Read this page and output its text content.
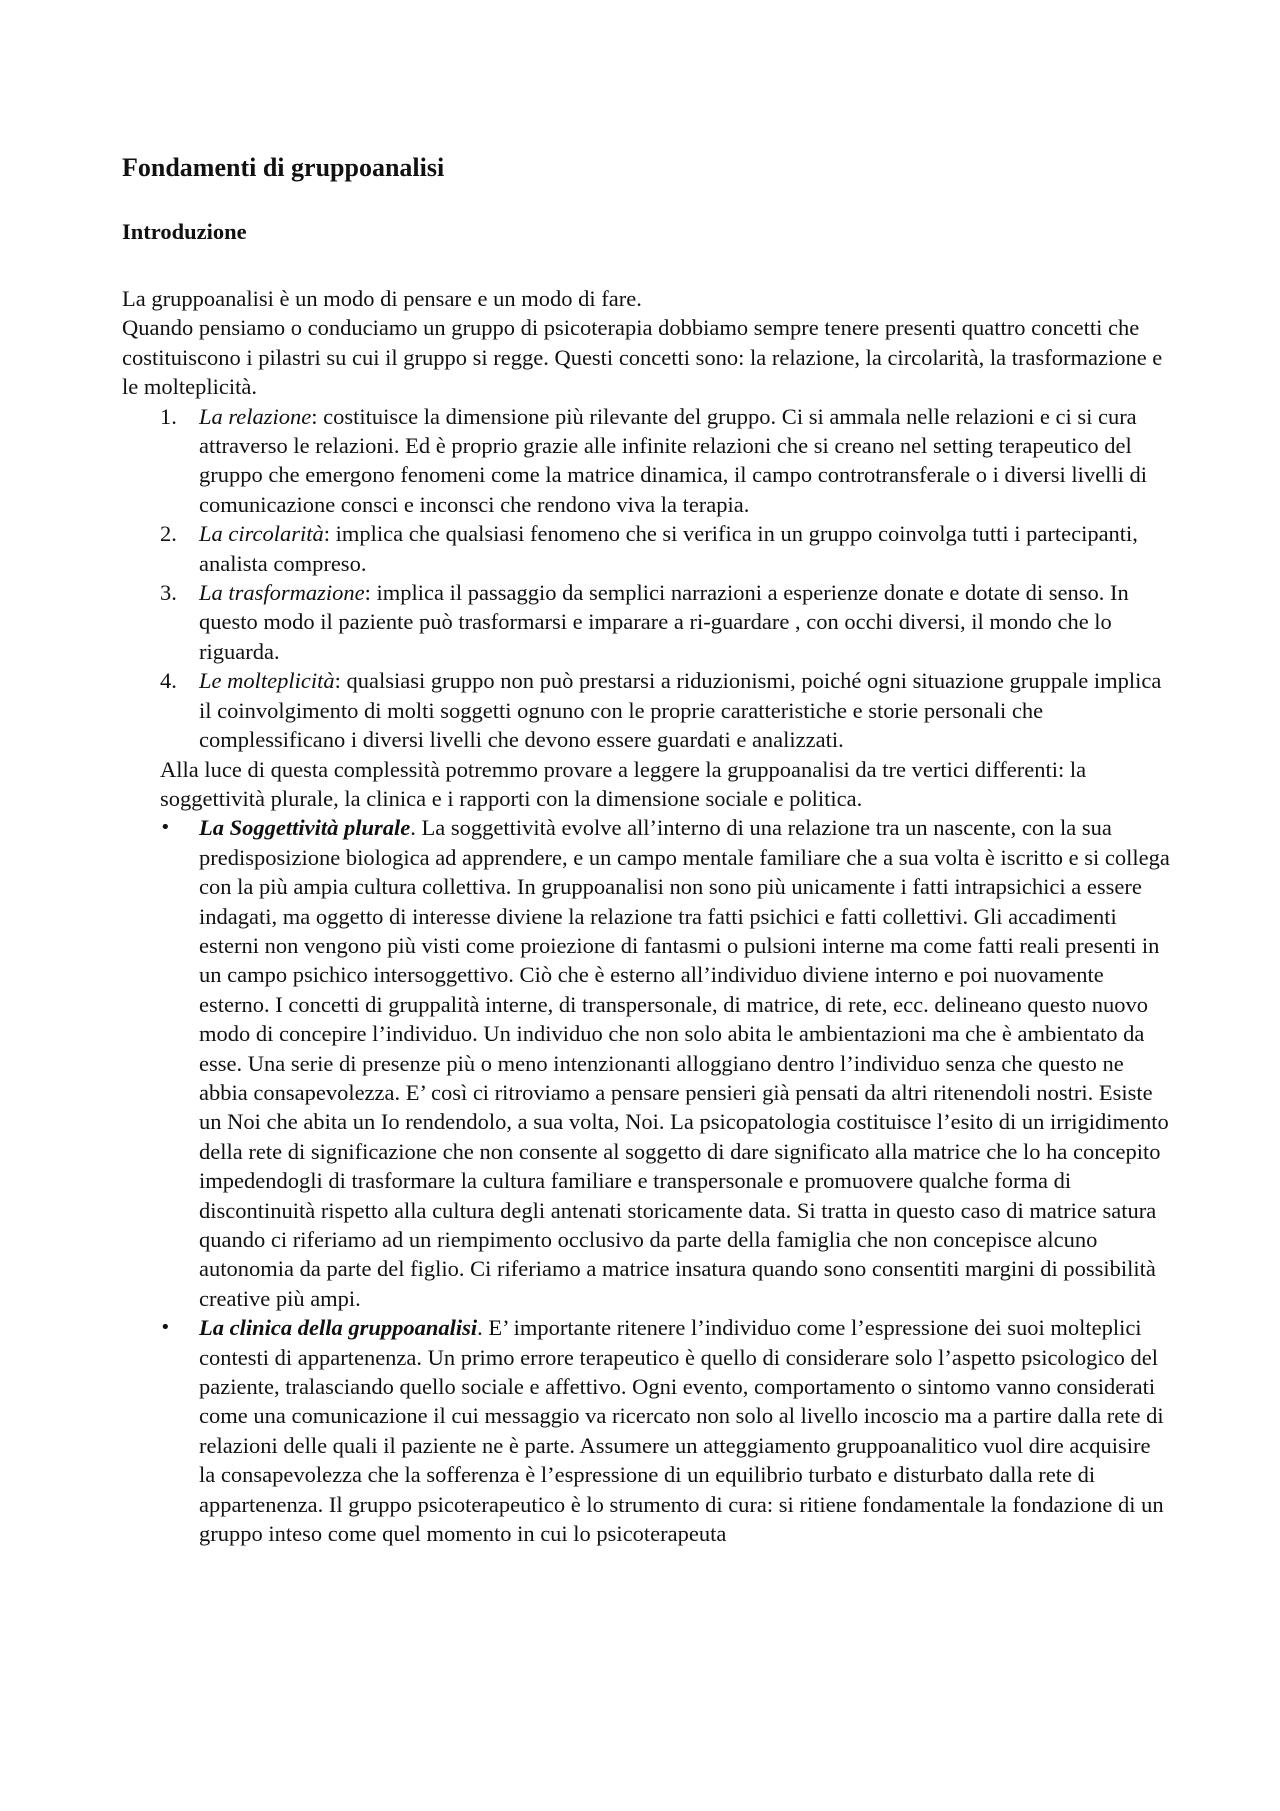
Fondamenti di gruppoanalisi
Introduzione

La gruppoanalisi è un modo di pensare e un modo di fare.

Quando pensiamo o conduciamo un gruppo di psicoterapia dobbiamo sempre tenere presenti quattro concetti che costituiscono i pilastri su cui il gruppo si regge. Questi concetti sono: la relazione, la circolarità, la trasformazione e le molteplicità.

1. La relazione: costituisce la dimensione più rilevante del gruppo. Ci si ammala nelle relazioni e ci si cura attraverso le relazioni. Ed è proprio grazie alle infinite relazioni che si creano nel setting terapeutico del gruppo che emergono fenomeni come la matrice dinamica, il campo controtransferale o i diversi livelli di comunicazione consci e inconsci che rendono viva la terapia.
2. La circolarità: implica che qualsiasi fenomeno che si verifica in un gruppo coinvolga tutti i partecipanti, analista compreso.
3. La trasformazione: implica il passaggio da semplici narrazioni a esperienze donate e dotate di senso. In questo modo il paziente può trasformarsi e imparare a ri-guardare , con occhi diversi, il mondo che lo riguarda.
4. Le molteplicità: qualsiasi gruppo non può prestarsi a riduzionismi, poiché ogni situazione gruppale implica il coinvolgimento di molti soggetti ognuno con le proprie caratteristiche e storie personali che complessificano i diversi livelli che devono essere guardati e analizzati.

Alla luce di questa complessità potremmo provare a leggere la gruppoanalisi da tre vertici differenti: la soggettività plurale, la clinica e i rapporti con la dimensione sociale e politica.

• La Soggettività plurale. La soggettività evolve all’interno di una relazione tra un nascente, con la sua predisposizione biologica ad apprendere, e un campo mentale familiare che a sua volta è iscritto e si collega con la più ampia cultura collettiva. In gruppoanalisi non sono più unicamente i fatti intrapsichici a essere indagati, ma oggetto di interesse diviene la relazione tra fatti psichici e fatti collettivi. Gli accadimenti esterni non vengono più visti come proiezione di fantasmi o pulsioni interne ma come fatti reali presenti in un campo psichico intersoggettivo. Ciò che è esterno all’individuo diviene interno e poi nuovamente esterno. I concetti di gruppalità interne, di transpersonale, di matrice, di rete, ecc. delineano questo nuovo modo di concepire l’individuo. Un individuo che non solo abita le ambientazioni ma che è ambientato da esse. Una serie di presenze più o meno intenzionanti alloggiano dentro l’individuo senza che questo ne abbia consapevolezza. E’ così ci ritroviamo a pensare pensieri già pensati da altri ritenendoli nostri. Esiste un Noi che abita un Io rendendolo, a sua volta, Noi. La psicopatologia costituisce l’esito di un irrigidimento della rete di significazione che non consente al soggetto di dare significato alla matrice che lo ha concepito impedendogli di trasformare la cultura familiare e transpersonale e promuovere qualche forma di discontinuità rispetto alla cultura degli antenati storicamente data. Si tratta in questo caso di matrice satura quando ci riferiamo ad un riempimento occlusivo da parte della famiglia che non concepisce alcuno autonomia da parte del figlio. Ci riferiamo a matrice insatura quando sono consentiti margini di possibilità creative più ampi.
• La clinica della gruppoanalisi. E’ importante ritenere l’individuo come l’espressione dei suoi molteplici contesti di appartenenza. Un primo errore terapeutico è quello di considerare solo l’aspetto psicologico del paziente, tralasciando quello sociale e affettivo. Ogni evento, comportamento o sintomo vanno considerati come una comunicazione il cui messaggio va ricercato non solo al livello incoscio ma a partire dalla rete di relazioni delle quali il paziente ne è parte. Assumere un atteggiamento gruppoanalitico vuol dire acquisire la consapevolezza che la sofferenza è l’espressione di un equilibrio turbato e disturbato dalla rete di appartenenza. Il gruppo psicoterapeutico è lo strumento di cura: si ritiene fondamentale la fondazione di un gruppo inteso come quel momento in cui lo psicoterapeuta
